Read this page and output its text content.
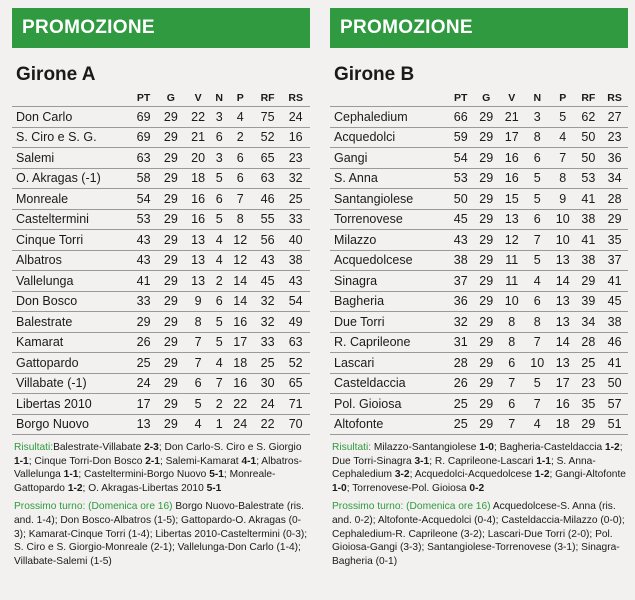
PROMOZIONE
Girone A
	PT	G	V	N	P	RF	RS
Don Carlo	69	29	22	3	4	75	24
S. Ciro e S. G.	69	29	21	6	2	52	16
Salemi	63	29	20	3	6	65	23
O. Akragas (-1)	58	29	18	5	6	63	32
Monreale	54	29	16	6	7	46	25
Casteltermini	53	29	16	5	8	55	33
Cinque Torri	43	29	13	4	12	56	40
Albatros	43	29	13	4	12	43	38
Vallelunga	41	29	13	2	14	45	43
Don Bosco	33	29	9	6	14	32	54
Balestrate	29	29	8	5	16	32	49
Kamarat	26	29	7	5	17	33	63
Gattopardo	25	29	7	4	18	25	52
Villabate (-1)	24	29	6	7	16	30	65
Libertas 2010	17	29	5	2	22	24	71
Borgo Nuovo	13	29	4	1	24	22	70

Risultati:Balestrate-Villabate 2-3; Don Carlo-S. Ciro e S. Giorgio 1-1; Cinque Torri-Don Bosco 2-1; Salemi-Kamarat 4-1; Albatros-Vallelunga 1-1; Casteltermini-Borgo Nuovo 5-1; Monreale-Gattopardo 1-2; O. Akragas-Libertas 2010 5-1

Prossimo turno: (Domenica ore 16) Borgo Nuovo-Balestrate (ris. and. 1-4); Don Bosco-Albatros (1-5); Gattopardo-O. Akragas (0-3); Kamarat-Cinque Torri (1-4); Libertas 2010-Casteltermini (0-3); S. Ciro e S. Giorgio-Monreale (2-1); Vallelunga-Don Carlo (1-4); Villabate-Salemi (1-5)

PROMOZIONE
Girone B
	PT	G	V	N	P	RF	RS
Cephaledium	66	29	21	3	5	62	27
Acquedolci	59	29	17	8	4	50	23
Gangi	54	29	16	6	7	50	36
S. Anna	53	29	16	5	8	53	34
Santangiolese	50	29	15	5	9	41	28
Torrenovese	45	29	13	6	10	38	29
Milazzo	43	29	12	7	10	41	35
Acquedolcese	38	29	11	5	13	38	37
Sinagra	37	29	11	4	14	29	41
Bagheria	36	29	10	6	13	39	45
Due Torri	32	29	8	8	13	34	38
R. Caprileone	31	29	8	7	14	28	46
Lascari	28	29	6	10	13	25	41
Casteldaccia	26	29	7	5	17	23	50
Pol. Gioiosa	25	29	6	7	16	35	57
Altofonte	25	29	7	4	18	29	51

Risultati: Milazzo-Santangiolese 1-0; Bagheria-Casteldaccia 1-2; Due Torri-Sinagra 3-1; R. Caprileone-Lascari 1-1; S. Anna-Cephaledium 3-2; Acquedolci-Acquedolcese 1-2; Gangi-Altofonte 1-0; Torrenovese-Pol. Gioiosa 0-2

Prossimo turno: (Domenica ore 16) Acquedolcese-S. Anna (ris. and. 0-2); Altofonte-Acquedolci (0-4); Casteldaccia-Milazzo (0-0); Cephaledium-R. Caprileone (3-2); Lascari-Due Torri (2-0); Pol. Gioiosa-Gangi (3-3); Santangiolese-Torrenovese (3-1); Sinagra-Bagheria (0-1)
